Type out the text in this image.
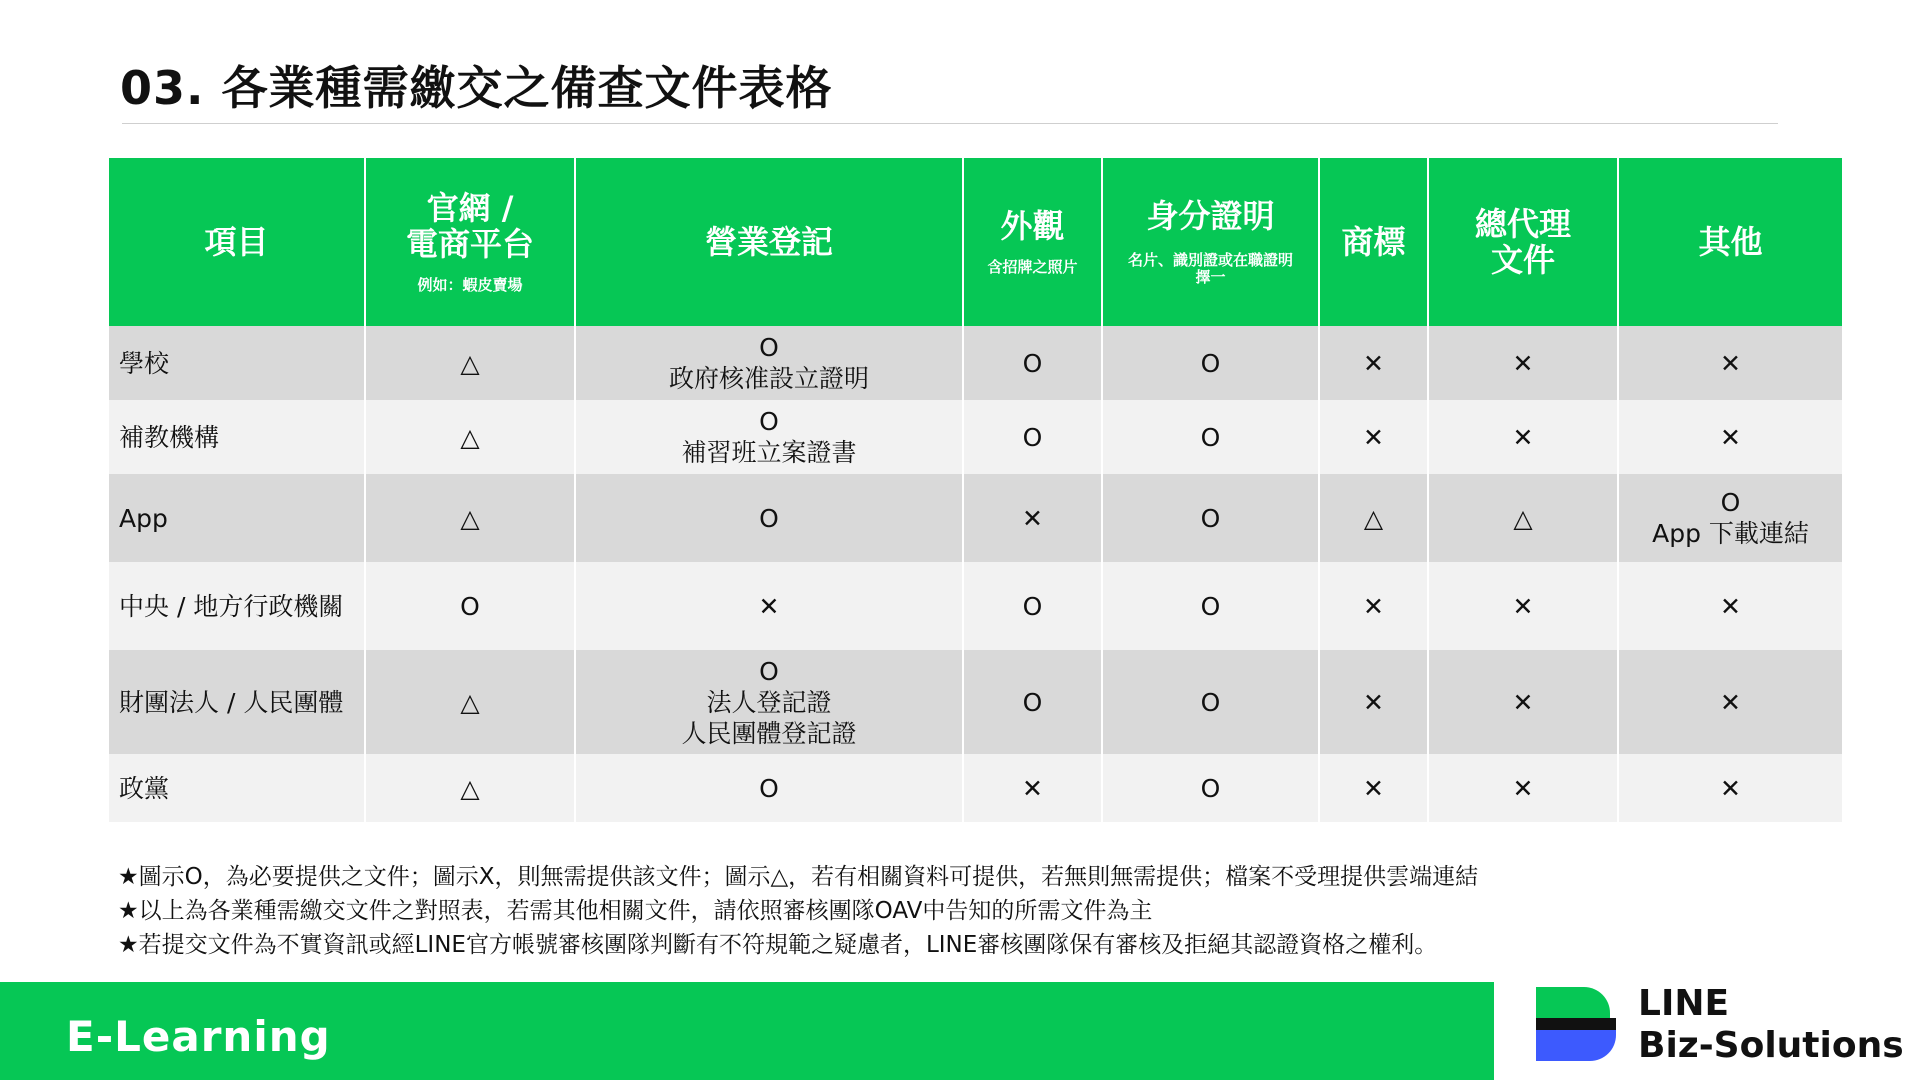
03. 各業種需繳交之備查文件表格
項目	官網 /
電商平台
例如：蝦皮賣場	營業登記	外觀
含招牌之照片	身分證明
名片、識別證或在職證明
擇一	商標	總代理
文件	其他

學校	△	O
政府核准設立證明	O	O	✕	✕	✕
補教機構	△	O
補習班立案證書	O	O	✕	✕	✕
App	△	O	✕	O	△	△	O
App 下載連結
中央 / 地方行政機關	O	✕	O	O	✕	✕	✕
財團法人 / 人民團體	△	O
法人登記證
人民團體登記證	O	O	✕	✕	✕
政黨	△	O	✕	O	✕	✕	✕
★圖示O，為必要提供之文件；圖示X，則無需提供該文件；圖示△，若有相關資料可提供，若無則無需提供；檔案不受理提供雲端連結
★以上為各業種需繳交文件之對照表，若需其他相關文件，請依照審核團隊OAV中告知的所需文件為主
★若提交文件為不實資訊或經LINE官方帳號審核團隊判斷有不符規範之疑慮者，LINE審核團隊保有審核及拒絕其認證資格之權利。
E-Learning
LINE
Biz-Solutions
